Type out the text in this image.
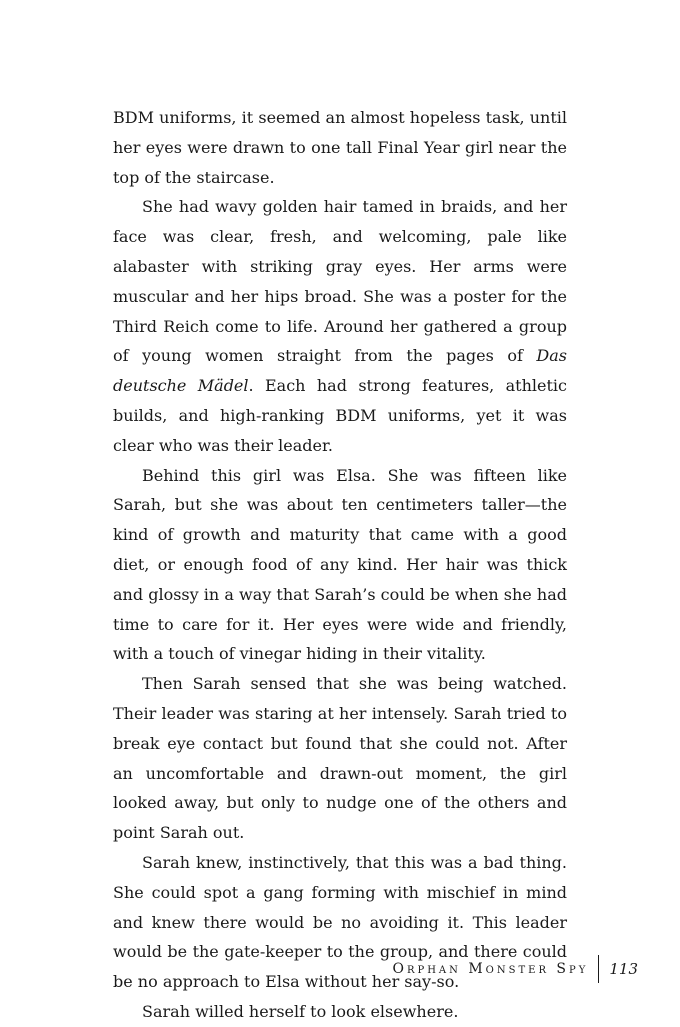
BDM uniforms, it seemed an almost hopeless task, until her eyes were drawn to one tall Final Year girl near the top of the staircase.

She had wavy golden hair tamed in braids, and her face was clear, fresh, and welcoming, pale like alabaster with striking gray eyes. Her arms were muscular and her hips broad. She was a poster for the Third Reich come to life. Around her gathered a group of young women straight from the pages of Das deutsche Mädel. Each had strong features, athletic builds, and high-ranking BDM uniforms, yet it was clear who was their leader.

Behind this girl was Elsa. She was fifteen like Sarah, but she was about ten centimeters taller—the kind of growth and maturity that came with a good diet, or enough food of any kind. Her hair was thick and glossy in a way that Sarah’s could be when she had time to care for it. Her eyes were wide and friendly, with a touch of vinegar hiding in their vitality.

Then Sarah sensed that she was being watched. Their leader was staring at her intensely. Sarah tried to break eye contact but found that she could not. After an uncomfortable and drawn-out moment, the girl looked away, but only to nudge one of the others and point Sarah out.

Sarah knew, instinctively, that this was a bad thing. She could spot a gang forming with mischief in mind and knew there would be no avoiding it. This leader would be the gate-keeper to the group, and there could be no approach to Elsa without her say-so.

Sarah willed herself to look elsewhere.

Orphan Monster Spy	113
